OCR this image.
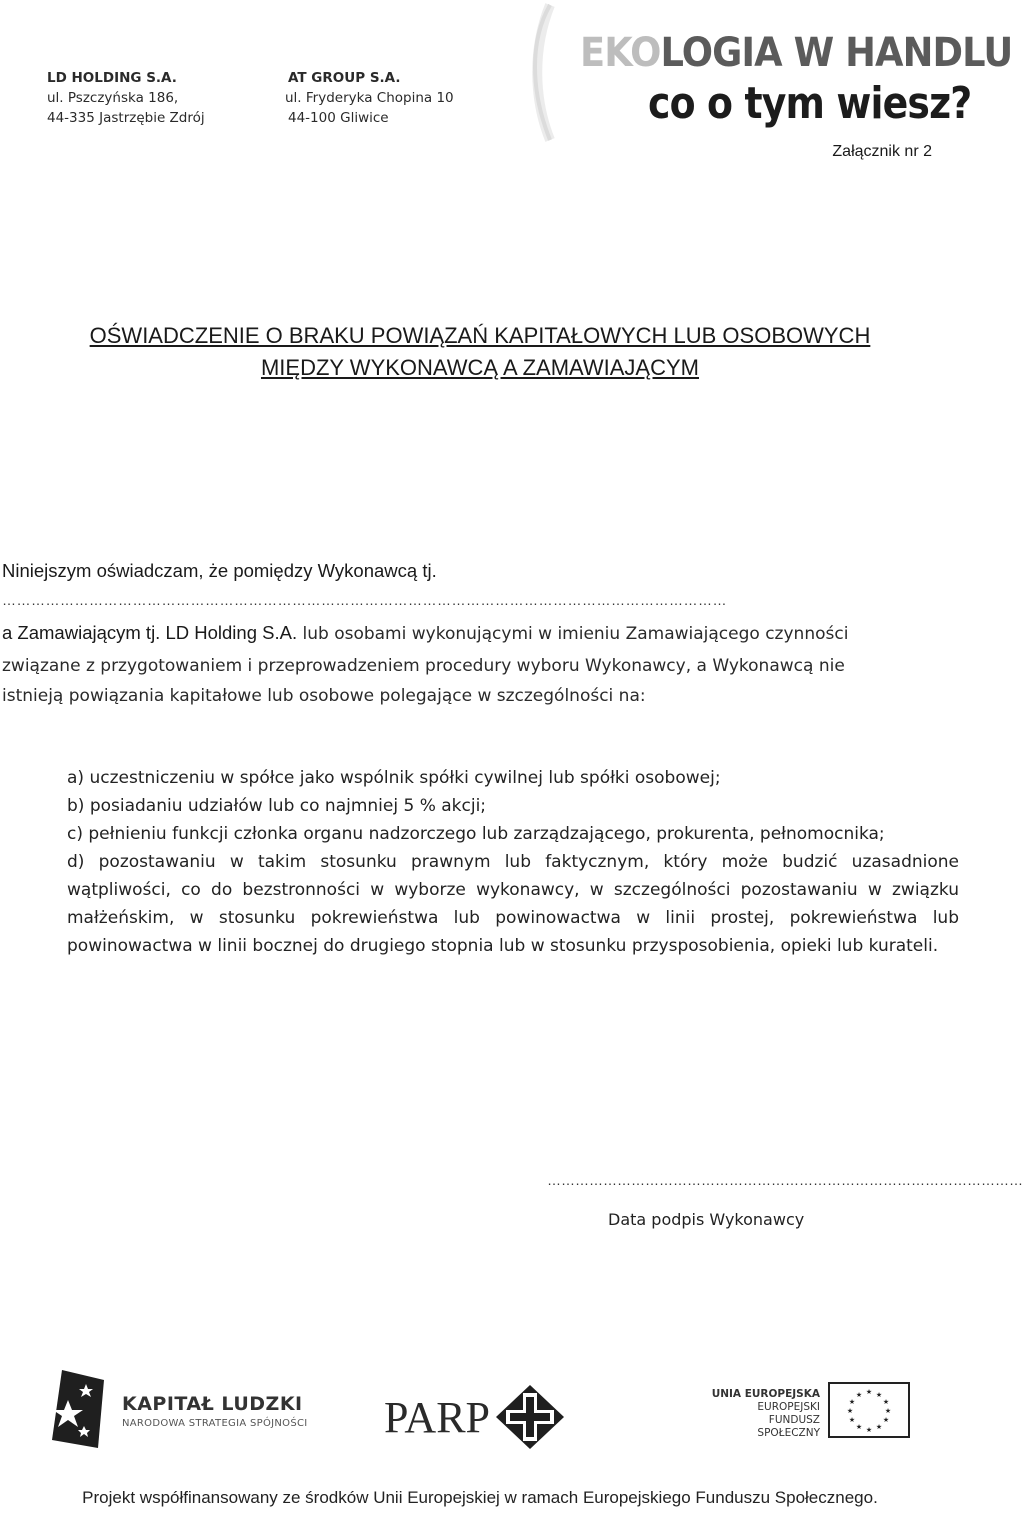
LD HOLDING S.A.
ul. Pszczyńska 186,
44-335 Jastrzębie Zdrój
AT GROUP S.A.
ul. Fryderyka Chopina 10
44-100 Gliwice
EKOLOGIA W HANDLU
co o tym wiesz?
Załącznik nr 2
OŚWIADCZENIE O BRAKU POWIĄZAŃ KAPITAŁOWYCH LUB OSOBOWYCH
MIĘDZY WYKONAWCĄ A ZAMAWIAJĄCYM
Niniejszym oświadczam, że pomiędzy Wykonawcą tj.
……………………………………………………………………………………………………………………………………
a Zamawiającym tj. LD Holding S.A. lub osobami wykonującymi w imieniu Zamawiającego czynności
związane z przygotowaniem i przeprowadzeniem procedury wyboru Wykonawcy, a Wykonawcą nie
istnieją powiązania kapitałowe lub osobowe polegające w szczególności na:
a) uczestniczeniu w spółce jako wspólnik spółki cywilnej lub spółki osobowej;
b) posiadaniu udziałów lub co najmniej 5 % akcji;
c) pełnieniu funkcji członka organu nadzorczego lub zarządzającego, prokurenta, pełnomocnika;
d) pozostawaniu w takim stosunku prawnym lub faktycznym, który może budzić uzasadnione wątpliwości, co do bezstronności w wyborze wykonawcy, w szczególności pozostawaniu w związku małżeńskim, w stosunku pokrewieństwa lub powinowactwa w linii prostej, pokrewieństwa lub powinowactwa w linii bocznej do drugiego stopnia lub w stosunku przysposobienia, opieki lub kurateli.
…………………………………………………………………………………………
Data podpis Wykonawcy
KAPITAŁ LUDZKI
NARODOWA STRATEGIA SPÓJNOŚCI PARP	UNIA EUROPEJSKA
EUROPEJSKI
FUNDUSZ SPOŁECZNY
★ ★
★
★
★
★
★
★
★
★
★
★
Projekt współfinansowany ze środków Unii Europejskiej w ramach Europejskiego Funduszu Społecznego.
